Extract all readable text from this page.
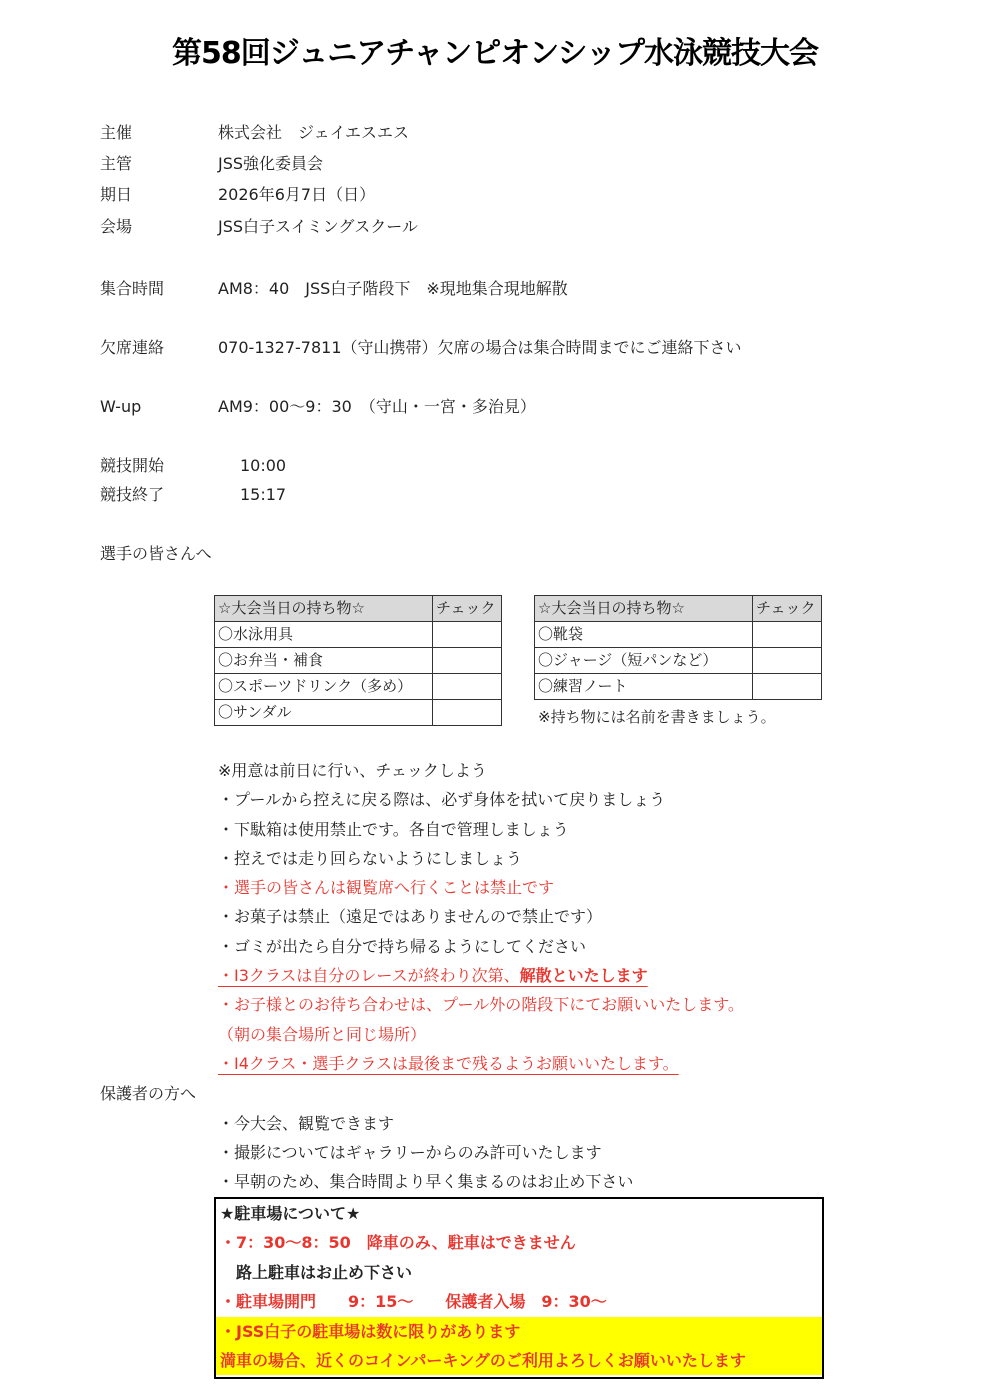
第58回ジュニアチャンピオンシップ水泳競技大会
主催	株式会社　ジェイエスエス
主管	JSS強化委員会
期日	2026年6月7日（日）
会場	JSS白子スイミングスクール
集合時間	AM8：40　JSS白子階段下　※現地集合現地解散
欠席連絡	070-1327-7811（守山携帯）欠席の場合は集合時間までにご連絡下さい
W-up	AM9：00〜9：30　（守山・一宮・多治見）
競技開始	10:00
競技終了	15:17
選手の皆さんへ
☆大会当日の持ち物☆	チェック
〇水泳用具	
〇お弁当・補食	
〇スポーツドリンク（多め）	
〇サンダル	
☆大会当日の持ち物☆	チェック
〇靴袋	
〇ジャージ（短パンなど）	
〇練習ノート	
※持ち物には名前を書きましょう。
※用意は前日に行い、チェックしよう
・プールから控えに戻る際は、必ず身体を拭いて戻りましょう
・下駄箱は使用禁止です。各自で管理しましょう
・控えでは走り回らないようにしましょう
・選手の皆さんは観覧席へ行くことは禁止です
・お菓子は禁止（遠足ではありませんので禁止です）
・ゴミが出たら自分で持ち帰るようにしてください
・I3クラスは自分のレースが終わり次第、解散といたします
・お子様とのお待ち合わせは、プール外の階段下にてお願いいたします。
（朝の集合場所と同じ場所）
・I4クラス・選手クラスは最後まで残るようお願いいたします。
保護者の方へ
・今大会、観覧できます
・撮影についてはギャラリーからのみ許可いたします
・早朝のため、集合時間より早く集まるのはお止め下さい
★駐車場について★
・7：30〜8：50　降車のみ、駐車はできません
　路上駐車はお止め下さい
・駐車場開門　　9：15〜　　保護者入場　9：30〜
・JSS白子の駐車場は数に限りがあります
満車の場合、近くのコインパーキングのご利用よろしくお願いいたします
